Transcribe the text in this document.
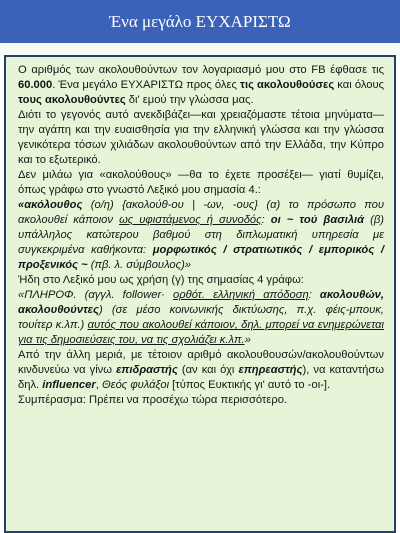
Ένα μεγάλο ΕΥΧΑΡΙΣΤΩ

Ο αριθμός των ακολουθούντων τον λογαριασμό μου στο FB έφθασε τις 60.000. Ένα μεγάλο ΕΥΧΑΡΙΣΤΩ προς όλες τις ακολουθούσες και όλους τους ακολουθούντες δι' εμού την γλώσσα μας.

Διότι το γεγονός αυτό ανεκδιβάζει—και χρειαζόμαστε τέτοια μηνύματα— την αγάπη και την ευαισθησία για την ελληνική γλώσσα και την γλώσσα γενικότερα τόσων χιλιάδων ακολουθούντων από την Ελλάδα, την Κύπρο και το εξωτερικό.

Δεν μιλάω για «ακολούθους» —θα το έχετε προσέξει— γιατί θυμίζει, όπως γράφω στο γνωστό Λεξικό μου σημασία 4.:

«ακόλουθος (ο/η) {ακολούθ-ου | -ων, -ους} (α) το πρόσωπο που ακολουθεί κάποιον ως υφιστάμενος ή συνοδός: οι ~ τού βασιλιά (β) υπάλληλος κατώτερου βαθμού στη διπλωματική υπηρεσία με συγκεκριμένα καθήκοντα: μορφωτικός / στρατιωτικός / εμπορικός / προξενικός ~ (πβ. λ. σύμβουλος)»

Ήδη στο Λεξικό μου ως χρήση (γ) της σημασίας 4 γράφω:

«ΠΛΗΡΟΦ. (αγγλ. follower· ορθότ. ελληνική απόδοση: ακολουθών, ακολουθούντες) (σε μέσο κοινωνικής δικτύωσης, π.χ. φέις-μπουκ, τουίτερ κ.λπ.) αυτός που ακολουθεί κάποιον, δηλ. μπορεί να ενημερώνεται για τις δημοσιεύσεις του, να τις σχολιάζει κ.λπ.»

Από την άλλη μεριά, με τέτοιον αριθμό ακολουθουσών/ακολουθούντων κινδυνεύω να γίνω επιδραστής (αν και όχι επηρεαστής), να καταντήσω δηλ. influencer, Θεός φυλάξοι [τύπος Ευκτικής γι' αυτό το -οι-].

Συμπέρασμα: Πρέπει να προσέχω τώρα περισσότερο.
